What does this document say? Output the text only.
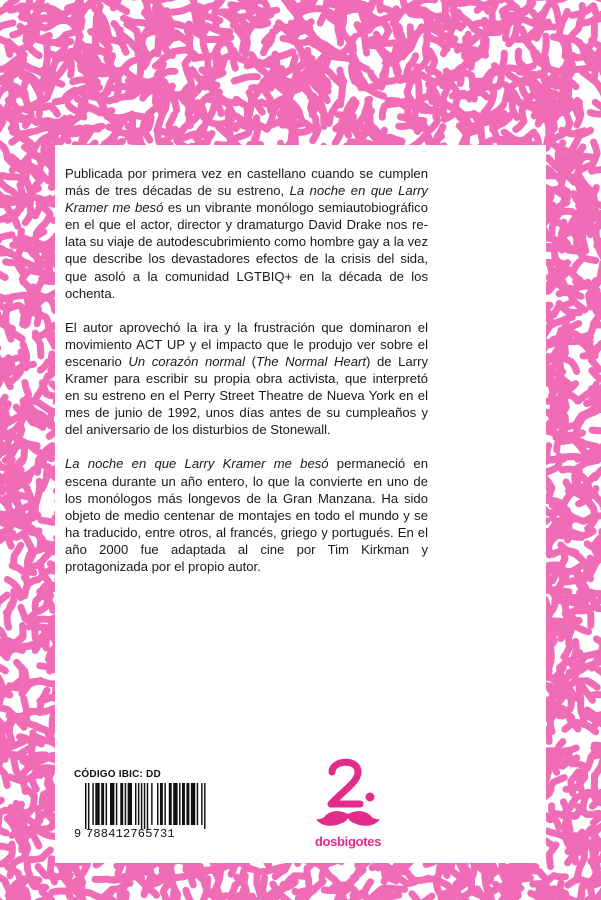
Publicada por primera vez en castellano cuando se cumplen más de tres décadas de su estreno, La noche en que Larry Kramer me besó es un vibrante monólogo semiautobiográfico en el que el actor, director y dramaturgo David Drake nos relata su viaje de autodescubrimiento como hombre gay a la vez que describe los devastadores efectos de la crisis del sida, que asoló a la comunidad LGTBIQ+ en la década de los ochenta.

El autor aprovechó la ira y la frustración que dominaron el movimiento ACT UP y el impacto que le produjo ver sobre el escenario Un corazón normal (The Normal Heart) de Larry Kramer para escribir su propia obra activista, que interpretó en su estreno en el Perry Street Theatre de Nueva York en el mes de junio de 1992, unos días antes de su cumpleaños y del aniversario de los disturbios de Stonewall.

La noche en que Larry Kramer me besó permaneció en escena durante un año entero, lo que la convierte en uno de los monólogos más longevos de la Gran Manzana. Ha sido objeto de medio centenar de montajes en todo el mundo y se ha traducido, entre otros, al francés, griego y portugués. En el año 2000 fue adaptada al cine por Tim Kirkman y protagonizada por el propio autor.

CÓDIGO IBIC: DD
9 788412765731	dosbigotes
